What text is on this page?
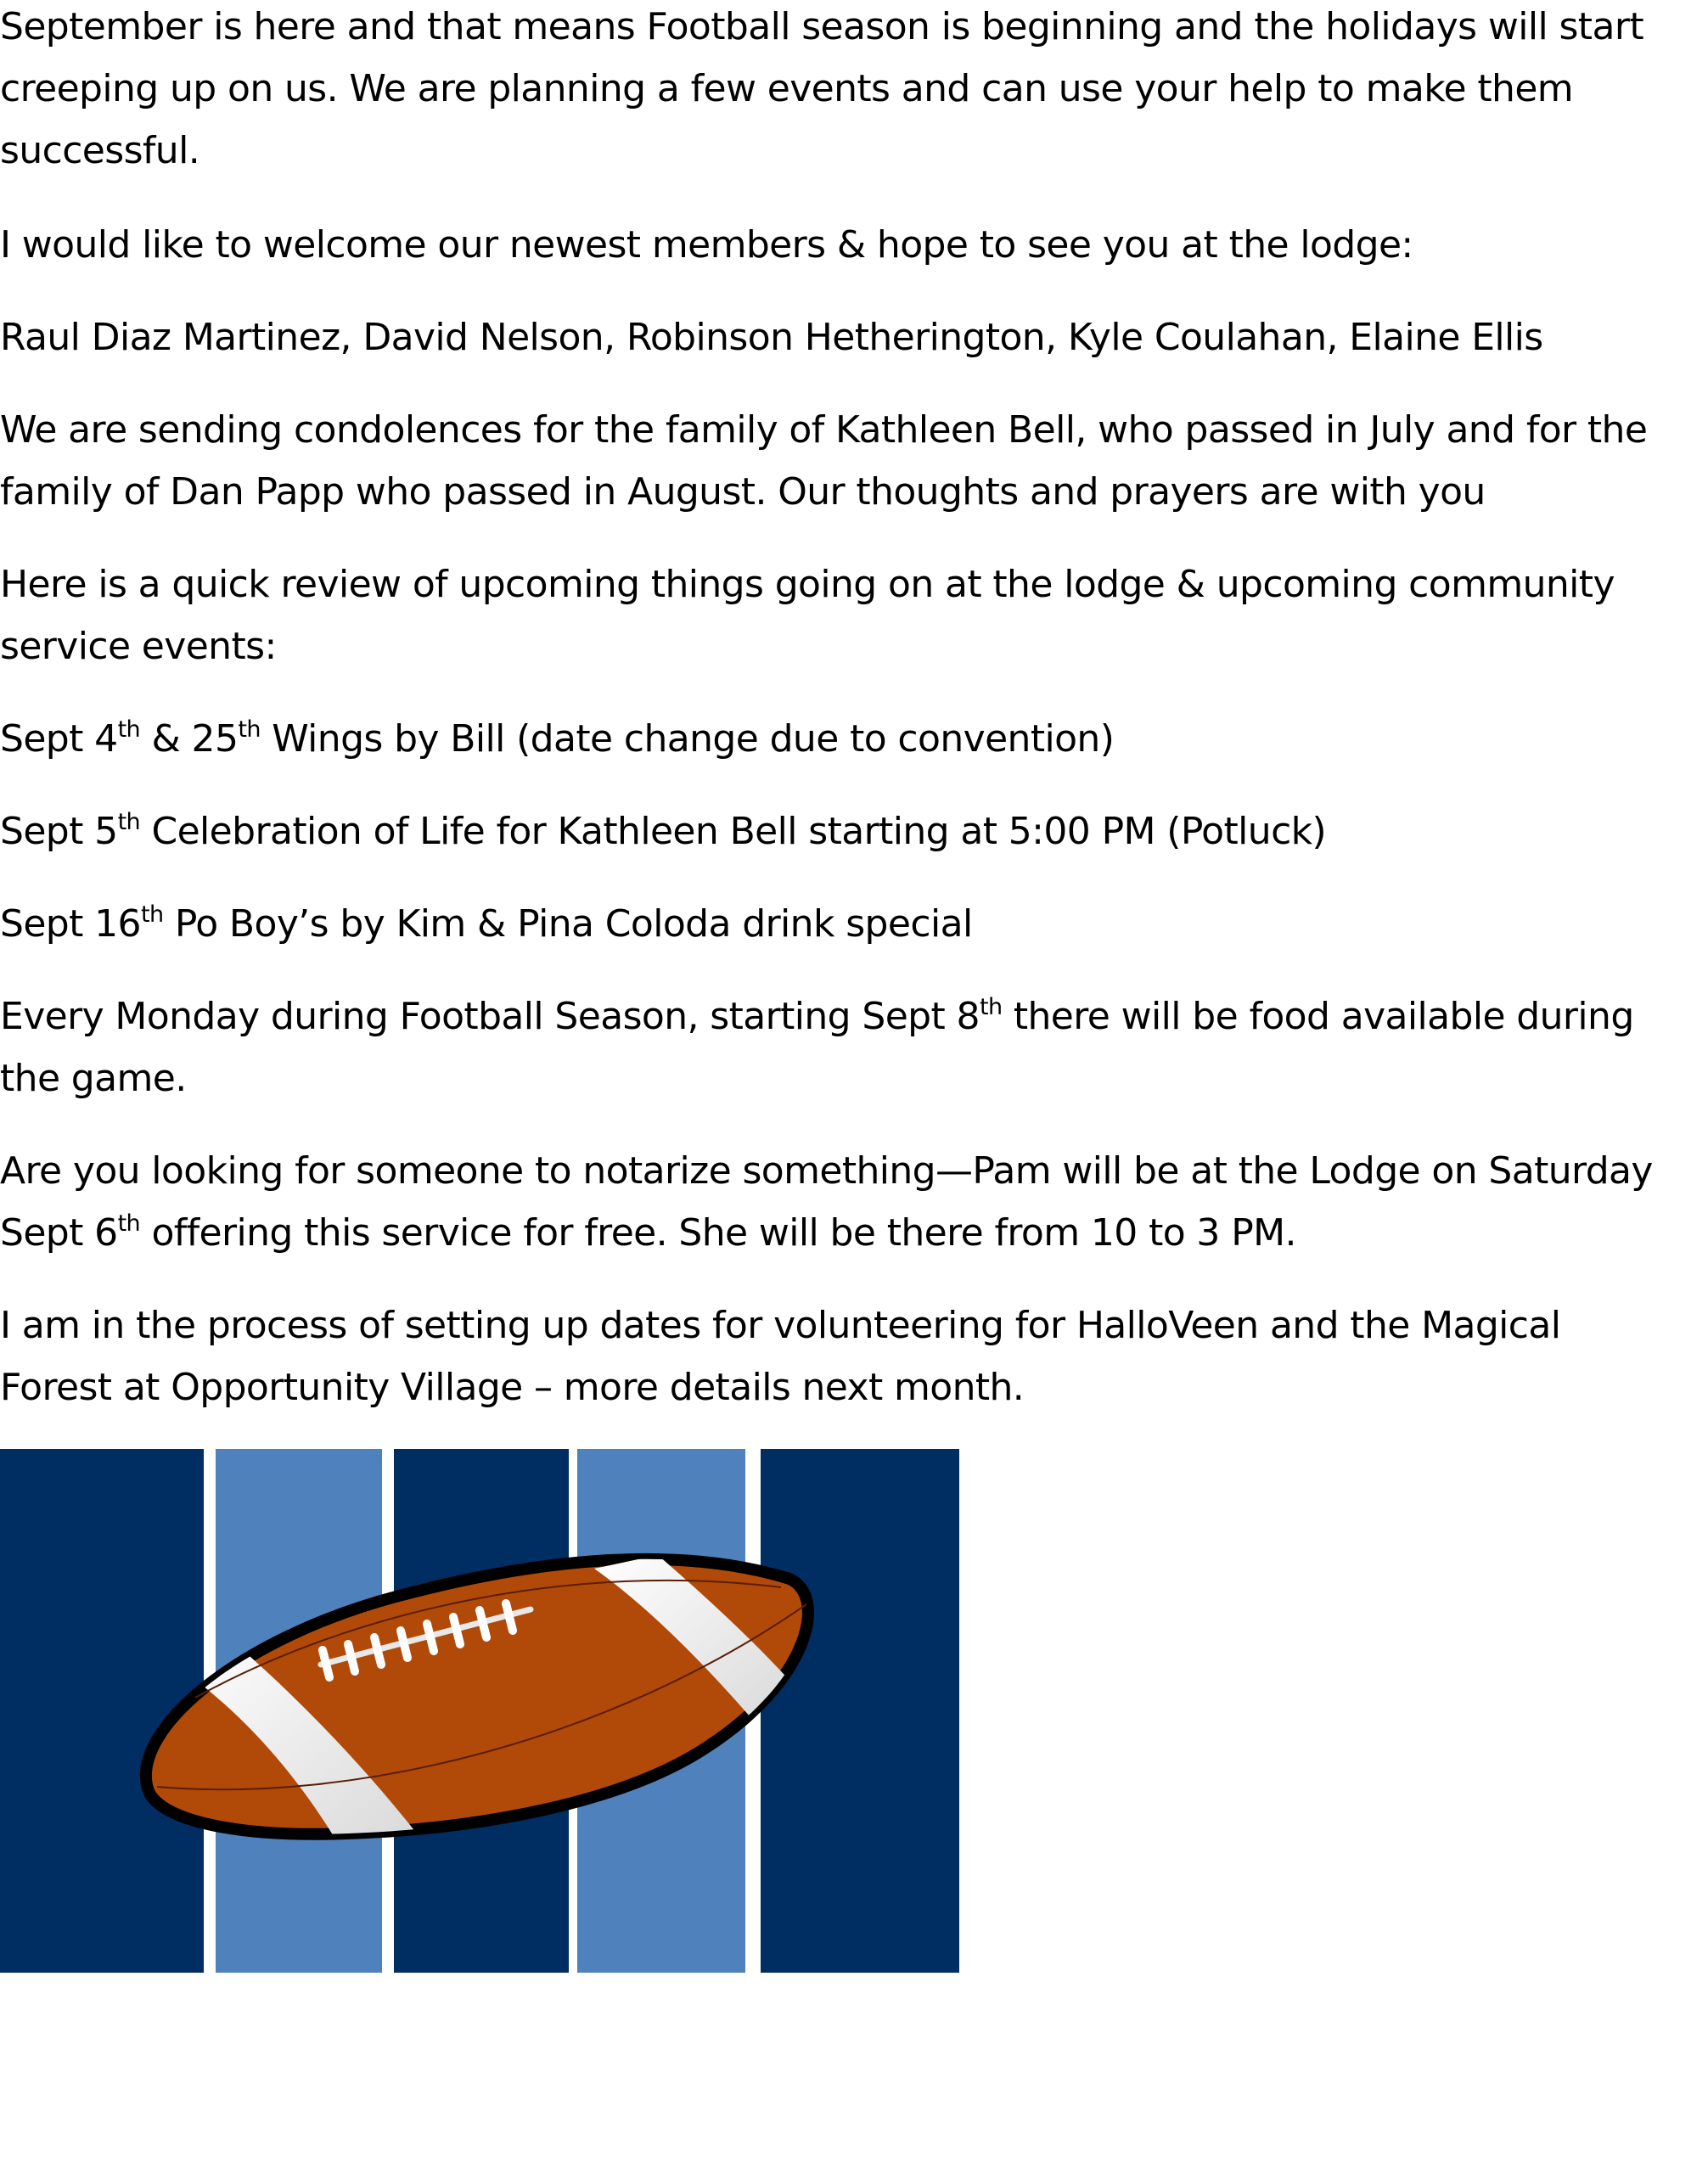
September is here and that means Football season is beginning and the holidays will start
creeping up on us. We are planning a few events and can use your help to make them
successful.

I would like to welcome our newest members & hope to see you at the lodge:

Raul Diaz Martinez, David Nelson, Robinson Hetherington, Kyle Coulahan, Elaine Ellis

We are sending condolences for the family of Kathleen Bell, who passed in July and for the
family of Dan Papp who passed in August. Our thoughts and prayers are with you

Here is a quick review of upcoming things going on at the lodge & upcoming community
service events:

Sept 4th & 25th Wings by Bill (date change due to convention)

Sept 5th Celebration of Life for Kathleen Bell starting at 5:00 PM (Potluck)

Sept 16th Po Boy’s by Kim & Pina Coloda drink special

Every Monday during Football Season, starting Sept 8th there will be food available during
the game.

Are you looking for someone to notarize something—Pam will be at the Lodge on Saturday
Sept 6th offering this service for free. She will be there from 10 to 3 PM.

I am in the process of setting up dates for volunteering for HalloVeen and the Magical
Forest at Opportunity Village – more details next month.
